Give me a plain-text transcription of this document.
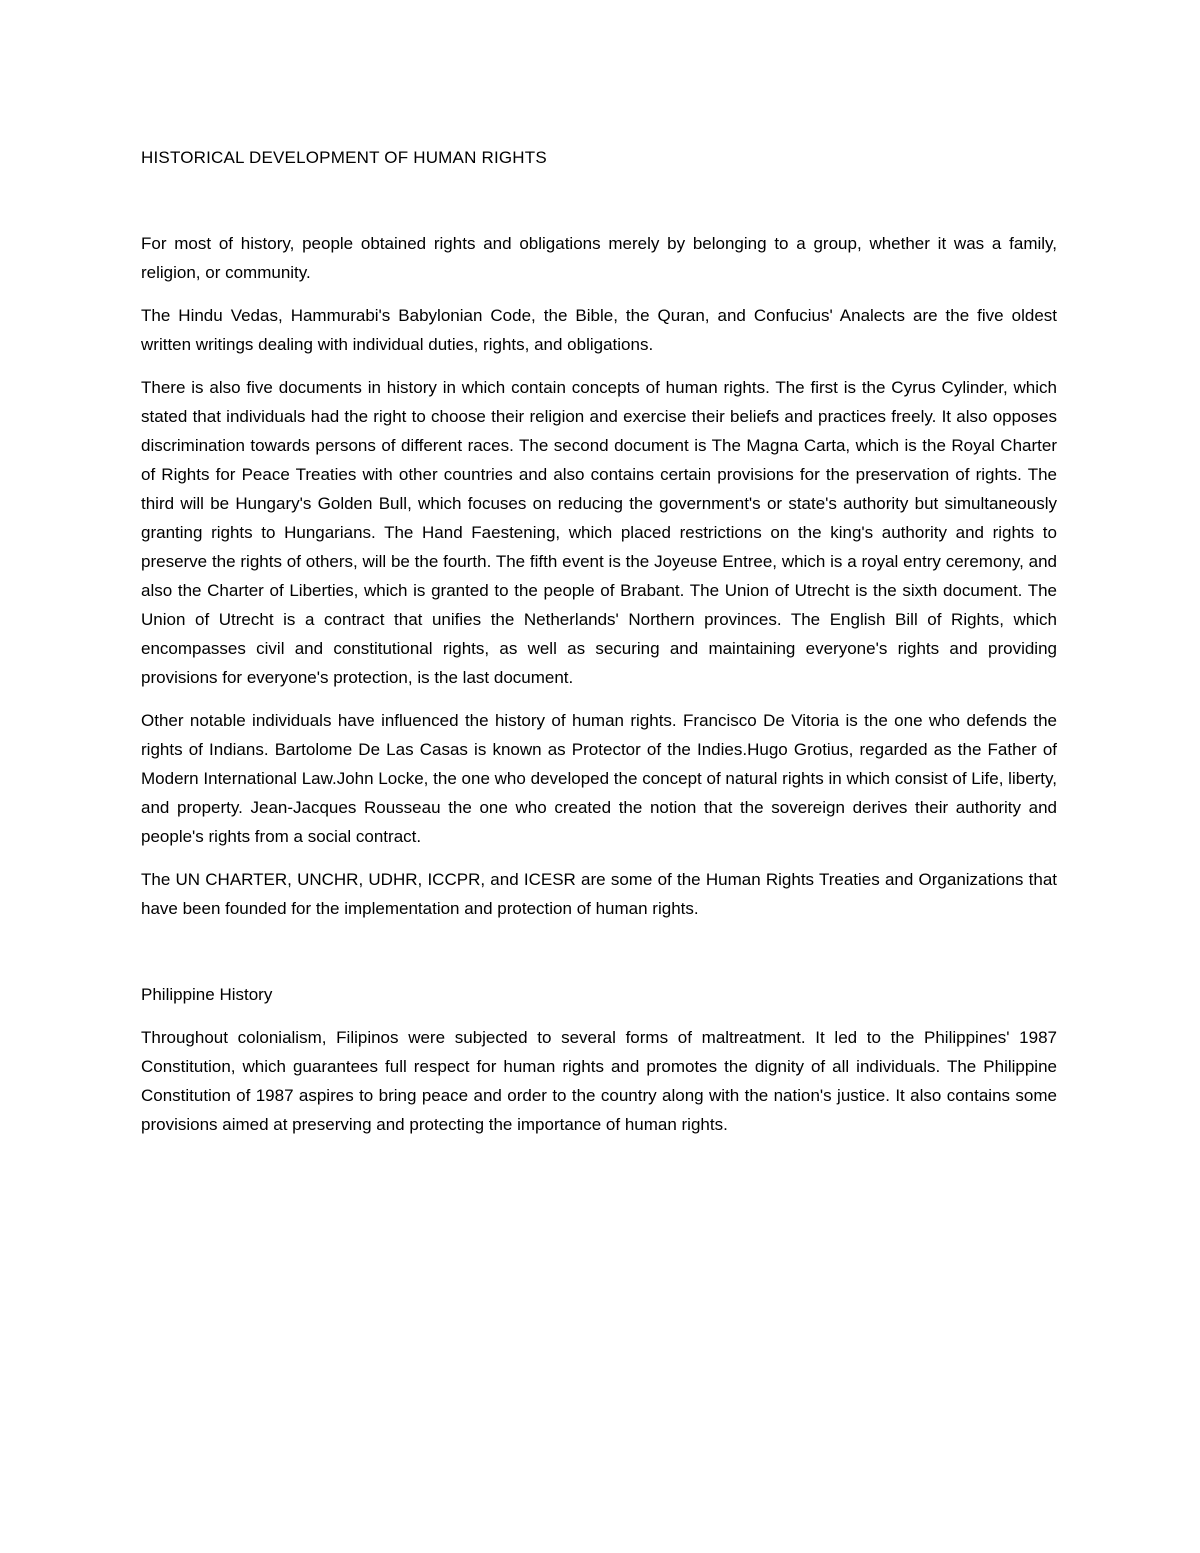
HISTORICAL DEVELOPMENT OF HUMAN RIGHTS

For most of history, people obtained rights and obligations merely by belonging to a group, whether it was a family, religion, or community.

The Hindu Vedas, Hammurabi's Babylonian Code, the Bible, the Quran, and Confucius' Analects are the five oldest written writings dealing with individual duties, rights, and obligations.

There is also five documents in history in which contain concepts of human rights. The first is the Cyrus Cylinder, which stated that individuals had the right to choose their religion and exercise their beliefs and practices freely. It also opposes discrimination towards persons of different races. The second document is The Magna Carta, which is the Royal Charter of Rights for Peace Treaties with other countries and also contains certain provisions for the preservation of rights. The third will be Hungary's Golden Bull, which focuses on reducing the government's or state's authority but simultaneously granting rights to Hungarians. The Hand Faestening, which placed restrictions on the king's authority and rights to preserve the rights of others, will be the fourth. The fifth event is the Joyeuse Entree, which is a royal entry ceremony, and also the Charter of Liberties, which is granted to the people of Brabant. The Union of Utrecht is the sixth document. The Union of Utrecht is a contract that unifies the Netherlands' Northern provinces. The English Bill of Rights, which encompasses civil and constitutional rights, as well as securing and maintaining everyone's rights and providing provisions for everyone's protection, is the last document.

Other notable individuals have influenced the history of human rights. Francisco De Vitoria is the one who defends the rights of Indians. Bartolome De Las Casas is known as Protector of the Indies.Hugo Grotius, regarded as the Father of Modern International Law.John Locke, the one who developed the concept of natural rights in which consist of Life, liberty, and property. Jean-Jacques Rousseau the one who created the notion that the sovereign derives their authority and people's rights from a social contract.

The UN CHARTER, UNCHR, UDHR, ICCPR, and ICESR are some of the Human Rights Treaties and Organizations that have been founded for the implementation and protection of human rights.

Philippine History

Throughout colonialism, Filipinos were subjected to several forms of maltreatment. It led to the Philippines' 1987 Constitution, which guarantees full respect for human rights and promotes the dignity of all individuals. The Philippine Constitution of 1987 aspires to bring peace and order to the country along with the nation's justice. It also contains some provisions aimed at preserving and protecting the importance of human rights.
